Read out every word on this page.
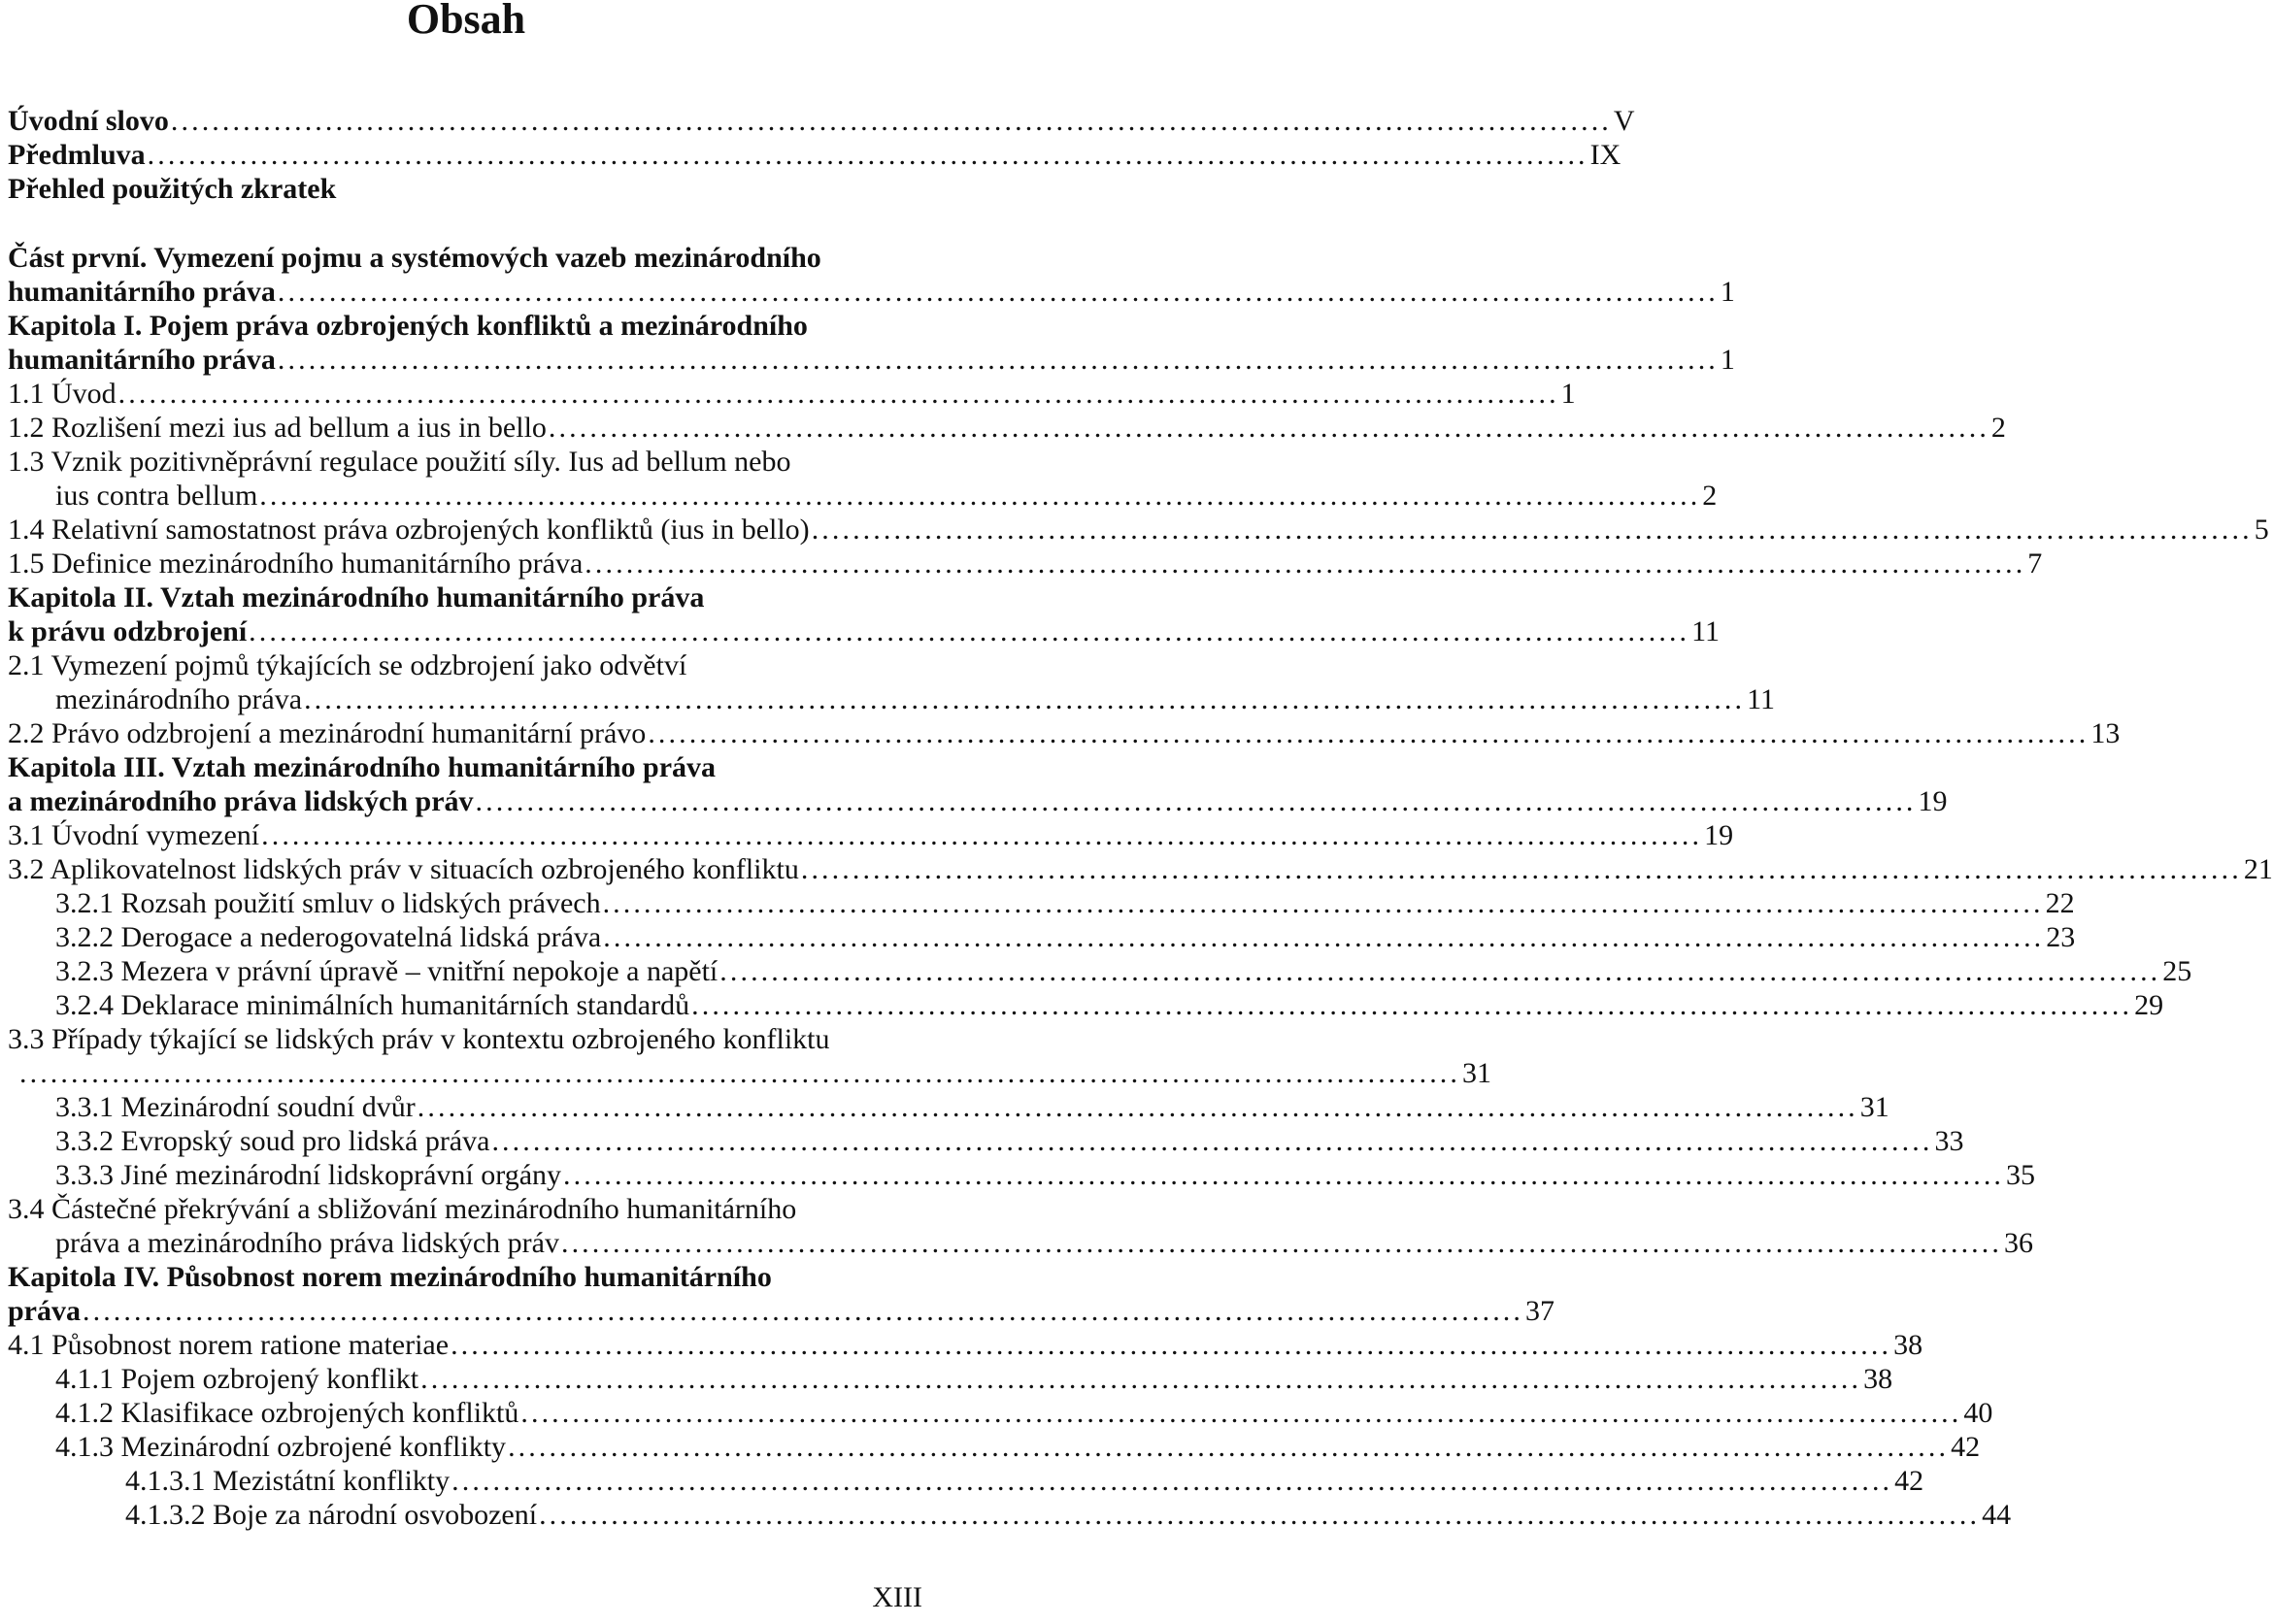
Obsah
Úvodní slovo ............................................................................................................................................ V
Předmluva ............................................................................................................................................ IX
Přehled použitých zkratek
Část první. Vymezení pojmu a systémových vazeb mezinárodního
humanitárního práva ............................................................................................................................................ 1
Kapitola I. Pojem práva ozbrojených konfliktů a mezinárodního
humanitárního práva ............................................................................................................................................ 1
1.1 Úvod ............................................................................................................................................ 1
1.2 Rozlišení mezi ius ad bellum a ius in bello ............................................................................................................................................ 2
1.3 Vznik pozitivněprávní regulace použití síly. Ius ad bellum nebo
ius contra bellum ............................................................................................................................................ 2
1.4 Relativní samostatnost práva ozbrojených konfliktů (ius in bello) ............................................................................................................................................ 5
1.5 Definice mezinárodního humanitárního práva ............................................................................................................................................ 7
Kapitola II. Vztah mezinárodního humanitárního práva
k právu odzbrojení ............................................................................................................................................ 11
2.1 Vymezení pojmů týkajících se odzbrojení jako odvětví
mezinárodního práva ............................................................................................................................................ 11
2.2 Právo odzbrojení a mezinárodní humanitární právo ............................................................................................................................................ 13
Kapitola III. Vztah mezinárodního humanitárního práva
a mezinárodního práva lidských práv ............................................................................................................................................ 19
3.1 Úvodní vymezení ............................................................................................................................................ 19
3.2 Aplikovatelnost lidských práv v situacích ozbrojeného konfliktu ............................................................................................................................................ 21
3.2.1 Rozsah použití smluv o lidských právech ............................................................................................................................................ 22
3.2.2 Derogace a nederogovatelná lidská práva ............................................................................................................................................ 23
3.2.3 Mezera v právní úpravě – vnitřní nepokoje a napětí ............................................................................................................................................ 25
3.2.4 Deklarace minimálních humanitárních standardů ............................................................................................................................................ 29
3.3 Případy týkající se lidských práv v kontextu ozbrojeného konfliktu
............................................................................................................................................ 31
3.3.1 Mezinárodní soudní dvůr ............................................................................................................................................ 31
3.3.2 Evropský soud pro lidská práva ............................................................................................................................................ 33
3.3.3 Jiné mezinárodní lidskoprávní orgány ............................................................................................................................................ 35
3.4 Částečné překrývání a sbližování mezinárodního humanitárního
práva a mezinárodního práva lidských práv ............................................................................................................................................ 36
Kapitola IV. Působnost norem mezinárodního humanitárního
práva ............................................................................................................................................ 37
4.1 Působnost norem ratione materiae ............................................................................................................................................ 38
4.1.1 Pojem ozbrojený konflikt ............................................................................................................................................ 38
4.1.2 Klasifikace ozbrojených konfliktů ............................................................................................................................................ 40
4.1.3 Mezinárodní ozbrojené konflikty ............................................................................................................................................ 42
4.1.3.1 Mezistátní konflikty ............................................................................................................................................ 42
4.1.3.2 Boje za národní osvobození ............................................................................................................................................ 44
XIII
